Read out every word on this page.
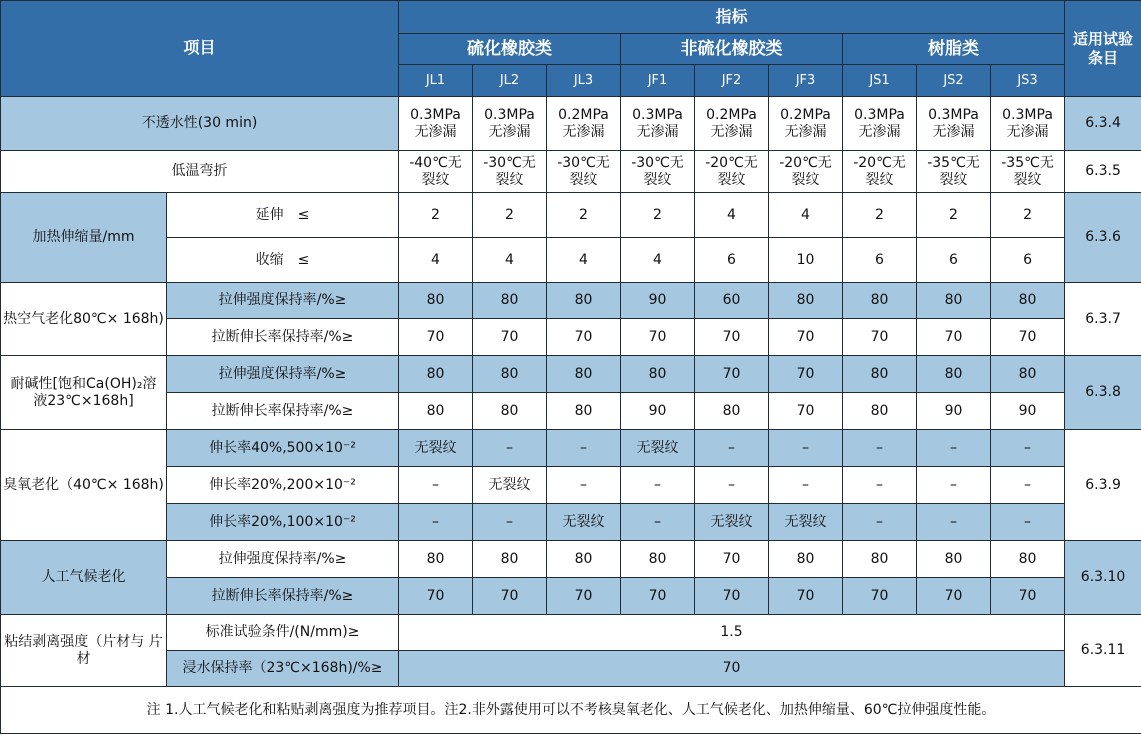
项目		指标									适用试验条目

		硫化橡胶类			非硫化橡胶类			树脂类			
		JL1	JL2	JL3	JF1	JF2	JF3	JS1	JS2	JS3	
不透水性(30 min)		0.3MPa 无渗漏	0.3MPa 无渗漏	0.2MPa 无渗漏	0.3MPa 无渗漏	0.2MPa 无渗漏	0.2MPa 无渗漏	0.3MPa 无渗漏	0.3MPa 无渗漏	0.3MPa 无渗漏	6.3.4
低温弯折		-40℃无 裂纹	-30℃无 裂纹	-30℃无 裂纹	-30℃无 裂纹	-20℃无 裂纹	-20℃无 裂纹	-20℃无 裂纹	-35℃无 裂纹	-35℃无 裂纹	6.3.5
加热伸缩量/mm	延伸　≤	2	2	2	2	4	4	2	2	2	6.3.6
	收缩　≤	4	4	4	4	6	10	6	6	6	
热空气老化80℃× 168h)	拉伸强度保持率/%≥	80	80	80	90	60	80	80	80	80	6.3.7
	拉断伸长率保持率/%≥	70	70	70	70	70	70	70	70	70	
耐碱性[饱和Ca(OH)₂溶 液23℃×168h]	拉伸强度保持率/%≥	80	80	80	80	70	70	80	80	80	6.3.8
	拉断伸长率保持率/%≥	80	80	80	90	80	70	80	90	90	
臭氧老化（40℃× 168h)	伸长率40%,500×10⁻²	无裂纹	–	–	无裂纹	–	–	–	–	–	6.3.9
	伸长率20%,200×10⁻²	–	无裂纹	–	–	–	–	–	–	–	
	伸长率20%,100×10⁻²	–	–	无裂纹	–	无裂纹	无裂纹	–	–	–	
人工气候老化	拉伸强度保持率/%≥	80	80	80	80	70	80	80	80	80	6.3.10
	拉断伸长率保持率/%≥	70	70	70	70	70	70	70	70	70	
粘结剥离强度（片材与 片材	标准试验条件/(N/mm)≥	1.5									6.3.11
	浸水保持率（23℃×168h)/%≥	70									
注 1.人工气候老化和粘贴剥离强度为推荐项目。注2.非外露使用可以不考核臭氧老化、人工气候老化、加热伸缩量、60℃拉伸强度性能。											
